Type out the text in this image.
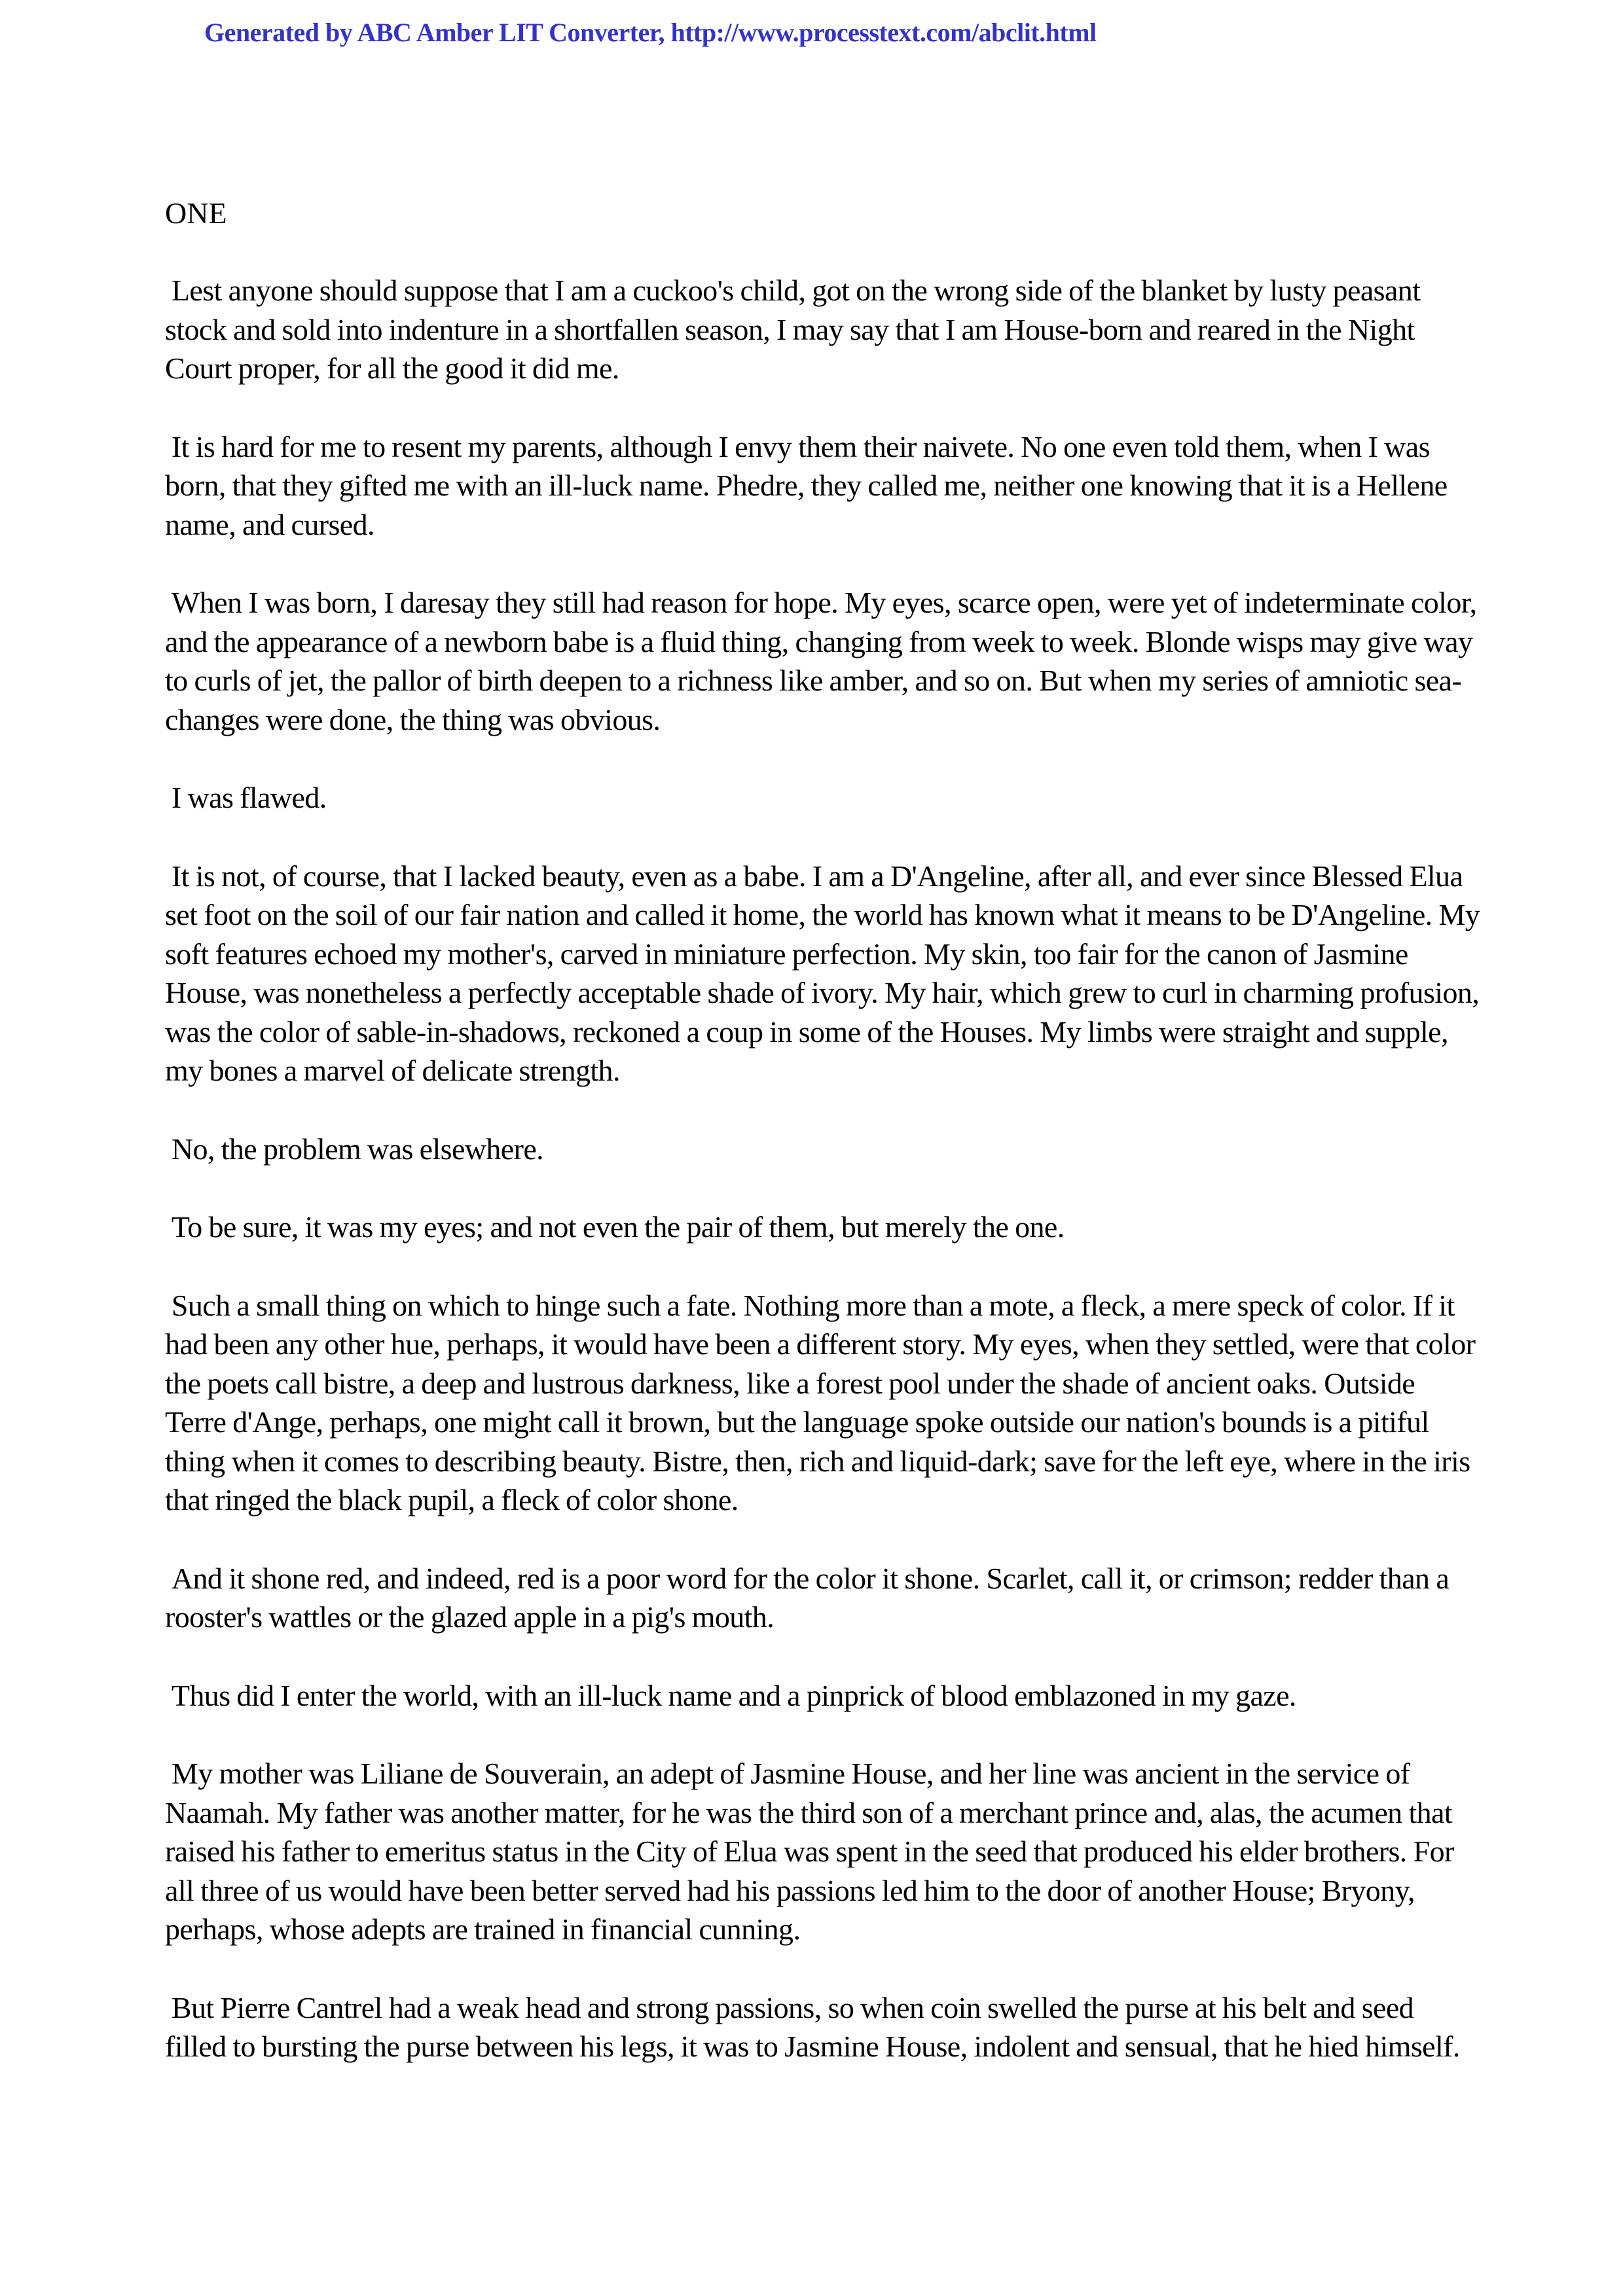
Generated by ABC Amber LIT Converter, http://www.processtext.com/abclit.html
ONE

Lest anyone should suppose that I am a cuckoo's child, got on the wrong side of the blanket by lusty peasant stock and sold into indenture in a shortfallen season, I may say that I am House-born and reared in the Night Court proper, for all the good it did me.

It is hard for me to resent my parents, although I envy them their naivete. No one even told them, when I was born, that they gifted me with an ill-luck name. Phedre, they called me, neither one knowing that it is a Hellene name, and cursed.

When I was born, I daresay they still had reason for hope. My eyes, scarce open, were yet of indeterminate color, and the appearance of a newborn babe is a fluid thing, changing from week to week. Blonde wisps may give way to curls of jet, the pallor of birth deepen to a richness like amber, and so on. But when my series of amniotic sea-changes were done, the thing was obvious.

I was flawed.

It is not, of course, that I lacked beauty, even as a babe. I am a D'Angeline, after all, and ever since Blessed Elua set foot on the soil of our fair nation and called it home, the world has known what it means to be D'Angeline. My soft features echoed my mother's, carved in miniature perfection. My skin, too fair for the canon of Jasmine House, was nonetheless a perfectly acceptable shade of ivory. My hair, which grew to curl in charming profusion, was the color of sable-in-shadows, reckoned a coup in some of the Houses. My limbs were straight and supple, my bones a marvel of delicate strength.

No, the problem was elsewhere.

To be sure, it was my eyes; and not even the pair of them, but merely the one.

Such a small thing on which to hinge such a fate. Nothing more than a mote, a fleck, a mere speck of color. If it had been any other hue, perhaps, it would have been a different story. My eyes, when they settled, were that color the poets call bistre, a deep and lustrous darkness, like a forest pool under the shade of ancient oaks. Outside Terre d'Ange, perhaps, one might call it brown, but the language spoke outside our nation's bounds is a pitiful thing when it comes to describing beauty. Bistre, then, rich and liquid-dark; save for the left eye, where in the iris that ringed the black pupil, a fleck of color shone.

And it shone red, and indeed, red is a poor word for the color it shone. Scarlet, call it, or crimson; redder than a rooster's wattles or the glazed apple in a pig's mouth.

Thus did I enter the world, with an ill-luck name and a pinprick of blood emblazoned in my gaze.

My mother was Liliane de Souverain, an adept of Jasmine House, and her line was ancient in the service of Naamah. My father was another matter, for he was the third son of a merchant prince and, alas, the acumen that raised his father to emeritus status in the City of Elua was spent in the seed that produced his elder brothers. For all three of us would have been better served had his passions led him to the door of another House; Bryony, perhaps, whose adepts are trained in financial cunning.

But Pierre Cantrel had a weak head and strong passions, so when coin swelled the purse at his belt and seed filled to bursting the purse between his legs, it was to Jasmine House, indolent and sensual, that he hied himself.
